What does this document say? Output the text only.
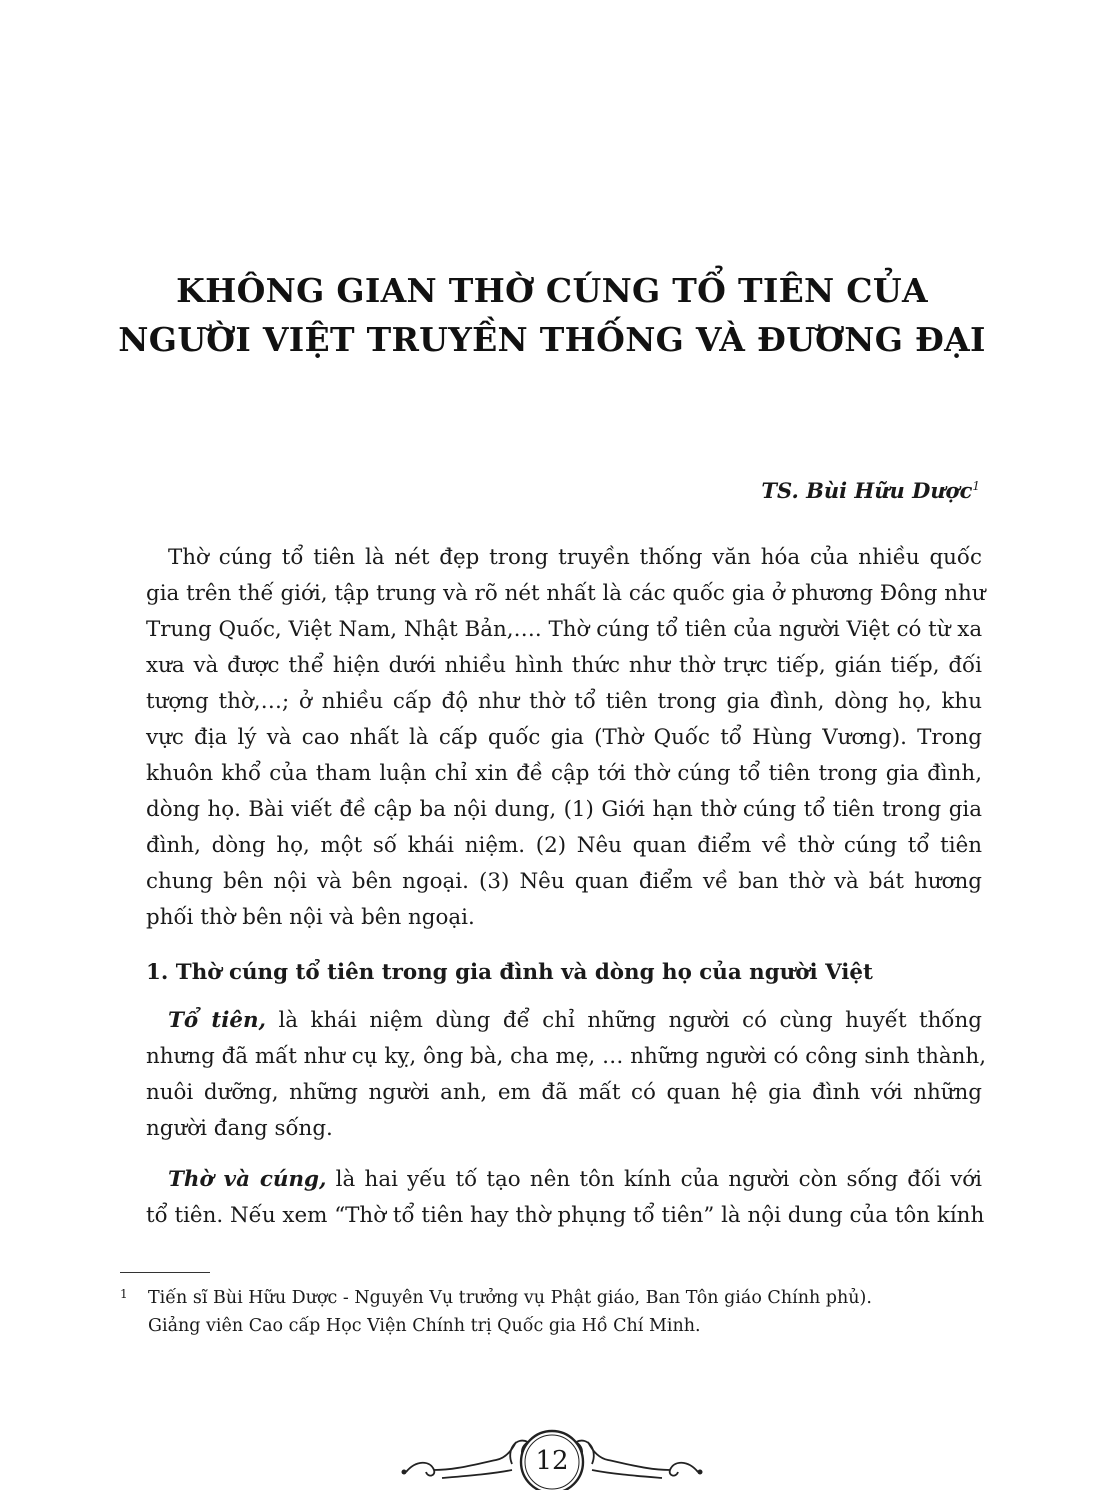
KHÔNG GIAN THỜ CÚNG TỔ TIÊN CỦA
NGƯỜI VIỆT TRUYỀN THỐNG VÀ ĐƯƠNG ĐẠI
TS. Bùi Hữu Dược$^1$
Thờ cúng tổ tiên là nét đẹp trong truyền thống văn hóa của nhiều quốc
gia trên thế giới, tập trung và rõ nét nhất là các quốc gia ở phương Đông như
Trung Quốc, Việt Nam, Nhật Bản,…. Thờ cúng tổ tiên của người Việt có từ xa
xưa và được thể hiện dưới nhiều hình thức như thờ trực tiếp, gián tiếp, đối
tượng thờ,…; ở nhiều cấp độ như thờ tổ tiên trong gia đình, dòng họ, khu
vực địa lý và cao nhất là cấp quốc gia (Thờ Quốc tổ Hùng Vương). Trong
khuôn khổ của tham luận chỉ xin đề cập tới thờ cúng tổ tiên trong gia đình,
dòng họ. Bài viết đề cập ba nội dung, (1) Giới hạn thờ cúng tổ tiên trong gia
đình, dòng họ, một số khái niệm. (2) Nêu quan điểm về thờ cúng tổ tiên
chung bên nội và bên ngoại. (3) Nêu quan điểm về ban thờ và bát hương
phối thờ bên nội và bên ngoại.
1. Thờ cúng tổ tiên trong gia đình và dòng họ của người Việt
Tổ tiên, là khái niệm dùng để chỉ những người có cùng huyết thống
nhưng đã mất như cụ kỵ, ông bà, cha mẹ, … những người có công sinh thành,
nuôi dưỡng, những người anh, em đã mất có quan hệ gia đình với những
người đang sống.
Thờ và cúng, là hai yếu tố tạo nên tôn kính của người còn sống đối với
tổ tiên. Nếu xem “Thờ tổ tiên hay thờ phụng tổ tiên” là nội dung của tôn kính
1 Tiến sĩ Bùi Hữu Dược - Nguyên Vụ trưởng vụ Phật giáo, Ban Tôn giáo Chính phủ).
Giảng viên Cao cấp Học Viện Chính trị Quốc gia Hồ Chí Minh.
12
